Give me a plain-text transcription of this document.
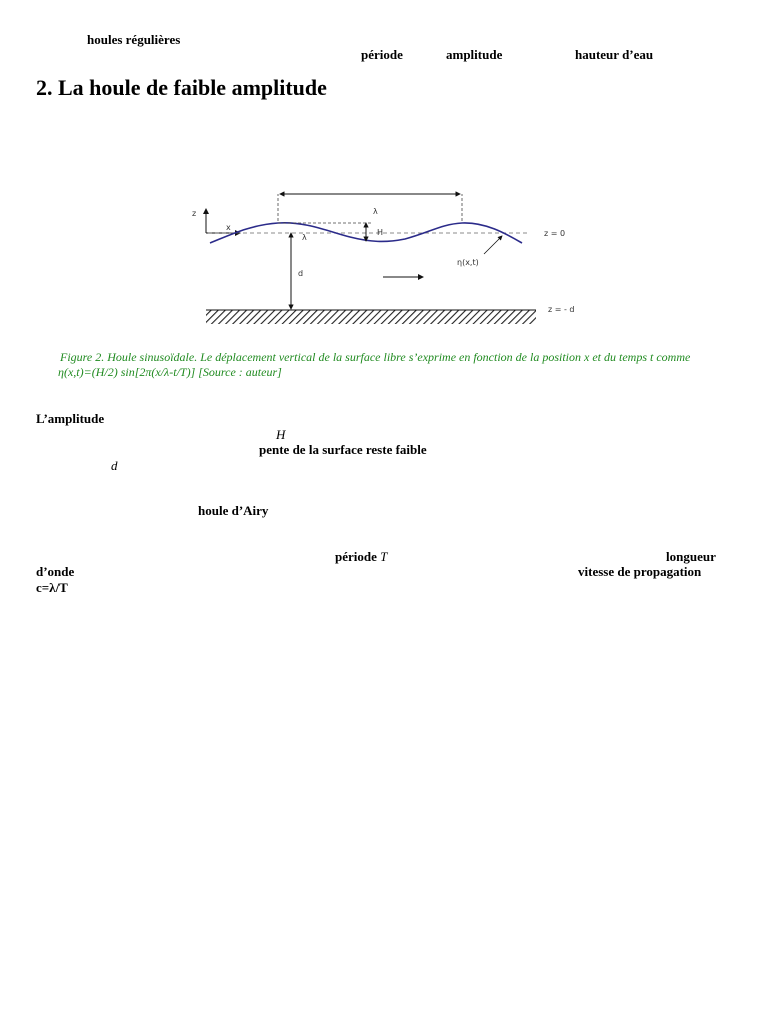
houles régulières
période	amplitude	hauteur d’eau
2. La houle de faible amplitude
z
x
z = 0
λ
H
λ
d
η(x,t)
z = - d
Figure 2. Houle sinusoïdale. Le déplacement vertical de la surface libre s’exprime en fonction de la position x et du temps t comme
η(x,t)=(H/2) sin[2π(x/λ-t/T)] [Source : auteur]
L’amplitude
H
pente de la surface reste faible
d
houle d’Airy
période T	longueur
d’onde	vitesse de propagation
c=λ/T
